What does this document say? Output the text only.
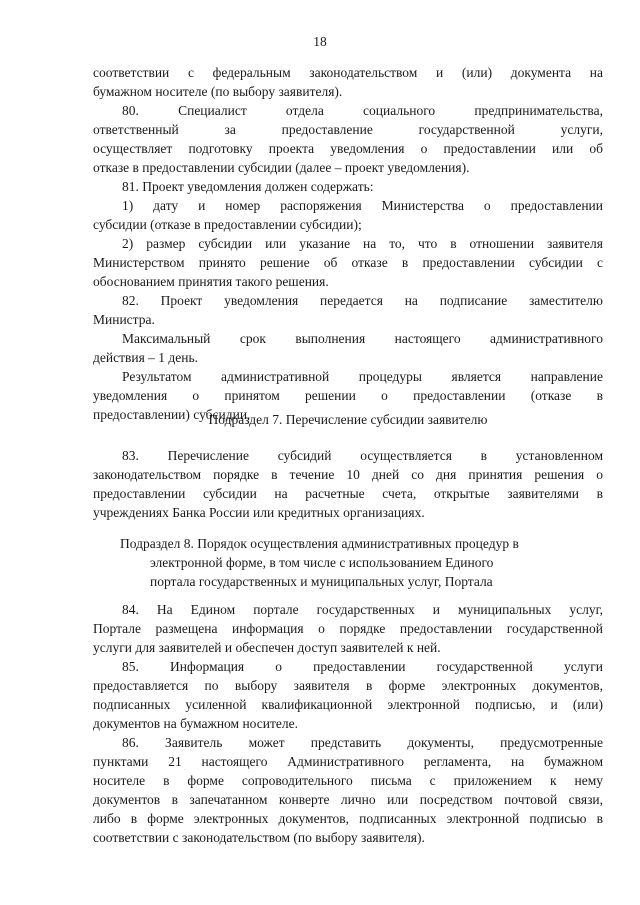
18
соответствии с федеральным законодательством и (или) документа на
бумажном носителе (по выбору заявителя).
80. Специалист отдела социального предпринимательства,
ответственный за предоставление государственной услуги,
осуществляет подготовку проекта уведомления о предоставлении или об
отказе в предоставлении субсидии (далее – проект уведомления).
81. Проект уведомления должен содержать:
1) дату и номер распоряжения Министерства о предоставлении
субсидии (отказе в предоставлении субсидии);
2) размер субсидии или указание на то, что в отношении заявителя
Министерством принято решение об отказе в предоставлении субсидии с
обоснованием принятия такого решения.
82. Проект уведомления передается на подписание заместителю
Министра.
Максимальный срок выполнения настоящего административного
действия – 1 день.
Результатом административной процедуры является направление
уведомления о принятом решении о предоставлении (отказе в
предоставлении) субсидии.
Подраздел 7. Перечисление субсидии заявителю
83. Перечисление субсидий осуществляется в установленном
законодательством порядке в течение 10 дней со дня принятия решения о
предоставлении субсидии на расчетные счета, открытые заявителями в
учреждениях Банка России или кредитных организациях.
Подраздел 8. Порядок осуществления административных процедур в
электронной форме, в том числе с использованием Единого
портала государственных и муниципальных услуг, Портала
84. На Едином портале государственных и муниципальных услуг,
Портале размещена информация о порядке предоставлении государственной
услуги для заявителей и обеспечен доступ заявителей к ней.
85. Информация о предоставлении государственной услуги
предоставляется по выбору заявителя в форме электронных документов,
подписанных усиленной квалификационной электронной подписью, и (или)
документов на бумажном носителе.
86. Заявитель может представить документы, предусмотренные
пунктами 21 настоящего Административного регламента, на бумажном
носителе в форме сопроводительного письма с приложением к нему
документов в запечатанном конверте лично или посредством почтовой связи,
либо в форме электронных документов, подписанных электронной подписью в
соответствии с законодательством (по выбору заявителя).
